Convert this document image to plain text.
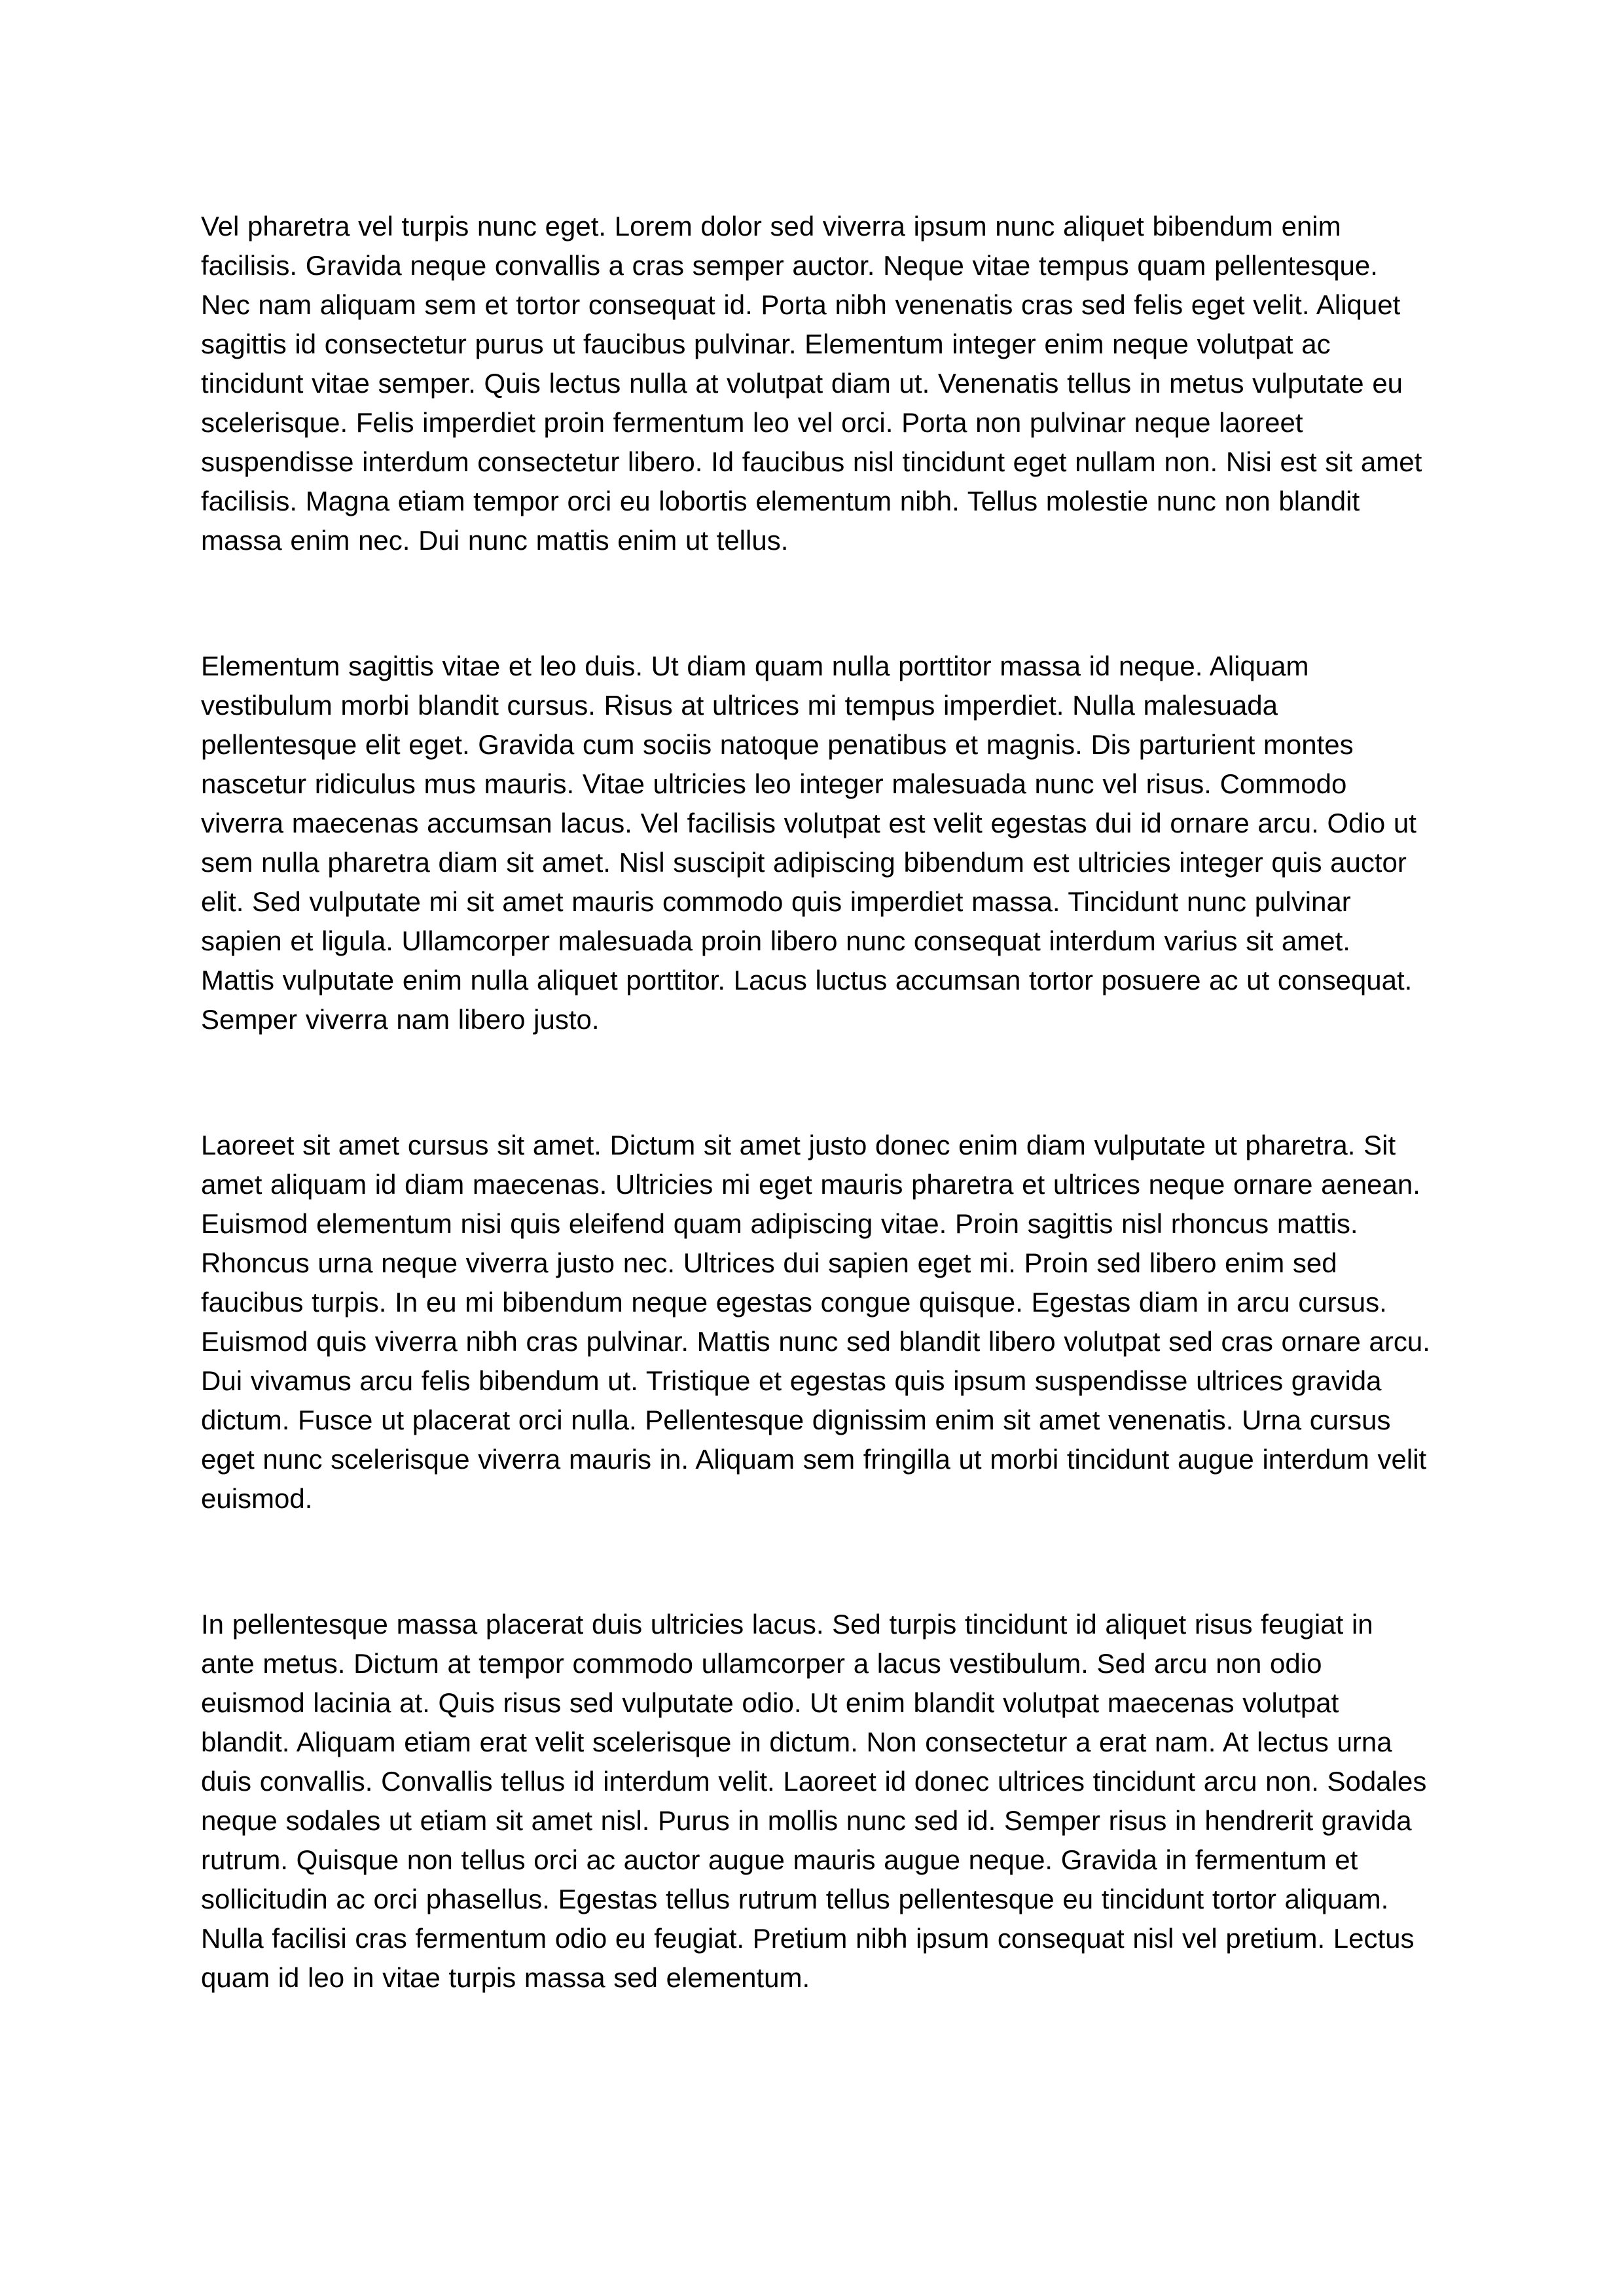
Vel pharetra vel turpis nunc eget. Lorem dolor sed viverra ipsum nunc aliquet bibendum enim facilisis. Gravida neque convallis a cras semper auctor. Neque vitae tempus quam pellentesque. Nec nam aliquam sem et tortor consequat id. Porta nibh venenatis cras sed felis eget velit. Aliquet sagittis id consectetur purus ut faucibus pulvinar. Elementum integer enim neque volutpat ac tincidunt vitae semper. Quis lectus nulla at volutpat diam ut. Venenatis tellus in metus vulputate eu scelerisque. Felis imperdiet proin fermentum leo vel orci. Porta non pulvinar neque laoreet suspendisse interdum consectetur libero. Id faucibus nisl tincidunt eget nullam non. Nisi est sit amet facilisis. Magna etiam tempor orci eu lobortis elementum nibh. Tellus molestie nunc non blandit massa enim nec. Dui nunc mattis enim ut tellus.

Elementum sagittis vitae et leo duis. Ut diam quam nulla porttitor massa id neque. Aliquam vestibulum morbi blandit cursus. Risus at ultrices mi tempus imperdiet. Nulla malesuada pellentesque elit eget. Gravida cum sociis natoque penatibus et magnis. Dis parturient montes nascetur ridiculus mus mauris. Vitae ultricies leo integer malesuada nunc vel risus. Commodo viverra maecenas accumsan lacus. Vel facilisis volutpat est velit egestas dui id ornare arcu. Odio ut sem nulla pharetra diam sit amet. Nisl suscipit adipiscing bibendum est ultricies integer quis auctor elit. Sed vulputate mi sit amet mauris commodo quis imperdiet massa. Tincidunt nunc pulvinar sapien et ligula. Ullamcorper malesuada proin libero nunc consequat interdum varius sit amet. Mattis vulputate enim nulla aliquet porttitor. Lacus luctus accumsan tortor posuere ac ut consequat. Semper viverra nam libero justo.

Laoreet sit amet cursus sit amet. Dictum sit amet justo donec enim diam vulputate ut pharetra. Sit amet aliquam id diam maecenas. Ultricies mi eget mauris pharetra et ultrices neque ornare aenean. Euismod elementum nisi quis eleifend quam adipiscing vitae. Proin sagittis nisl rhoncus mattis. Rhoncus urna neque viverra justo nec. Ultrices dui sapien eget mi. Proin sed libero enim sed faucibus turpis. In eu mi bibendum neque egestas congue quisque. Egestas diam in arcu cursus. Euismod quis viverra nibh cras pulvinar. Mattis nunc sed blandit libero volutpat sed cras ornare arcu. Dui vivamus arcu felis bibendum ut. Tristique et egestas quis ipsum suspendisse ultrices gravida dictum. Fusce ut placerat orci nulla. Pellentesque dignissim enim sit amet venenatis. Urna cursus eget nunc scelerisque viverra mauris in. Aliquam sem fringilla ut morbi tincidunt augue interdum velit euismod.

In pellentesque massa placerat duis ultricies lacus. Sed turpis tincidunt id aliquet risus feugiat in ante metus. Dictum at tempor commodo ullamcorper a lacus vestibulum. Sed arcu non odio euismod lacinia at. Quis risus sed vulputate odio. Ut enim blandit volutpat maecenas volutpat blandit. Aliquam etiam erat velit scelerisque in dictum. Non consectetur a erat nam. At lectus urna duis convallis. Convallis tellus id interdum velit. Laoreet id donec ultrices tincidunt arcu non. Sodales neque sodales ut etiam sit amet nisl. Purus in mollis nunc sed id. Semper risus in hendrerit gravida rutrum. Quisque non tellus orci ac auctor augue mauris augue neque. Gravida in fermentum et sollicitudin ac orci phasellus. Egestas tellus rutrum tellus pellentesque eu tincidunt tortor aliquam. Nulla facilisi cras fermentum odio eu feugiat. Pretium nibh ipsum consequat nisl vel pretium. Lectus quam id leo in vitae turpis massa sed elementum.
